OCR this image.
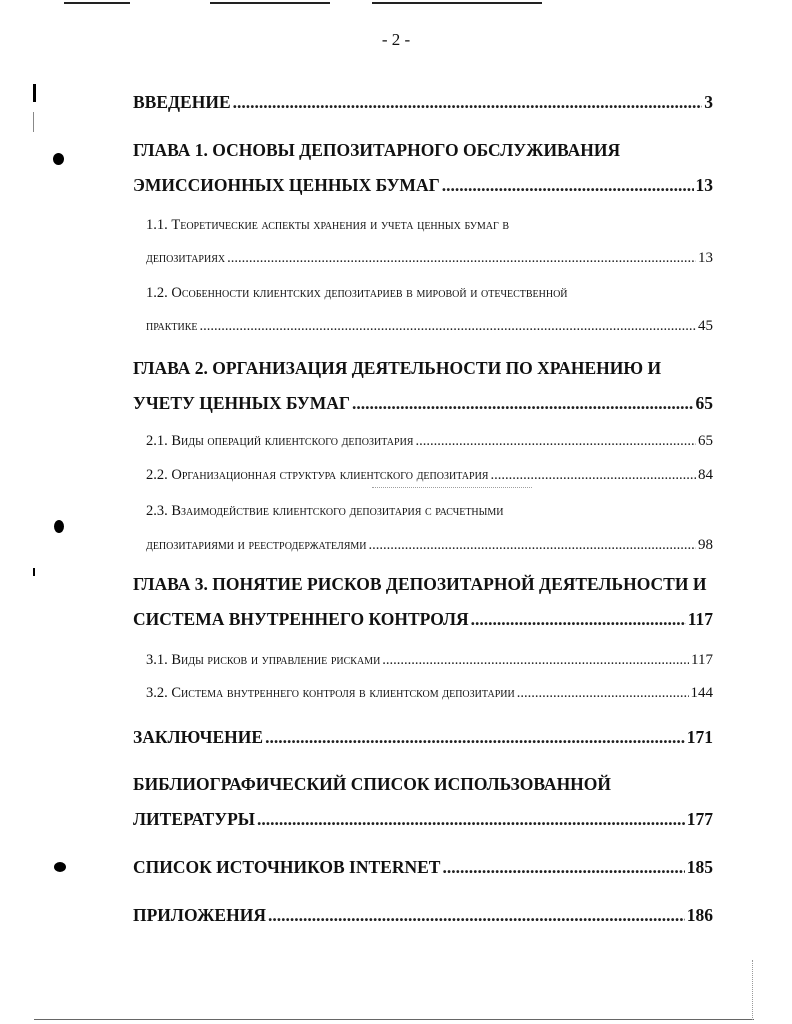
- 2 -
ВВЕДЕНИЕ .....	3
ГЛАВА 1. ОСНОВЫ ДЕПОЗИТАРНОГО ОБСЛУЖИВАНИЯ
ЭМИССИОННЫХ ЦЕННЫХ БУМАГ .....	13
1.1. Теоретические аспекты хранения и учета ценных бумаг в
депозитариях .....	13
1.2. Особенности клиентских депозитариев в мировой и отечественной
практике .....	45
ГЛАВА 2. ОРГАНИЗАЦИЯ ДЕЯТЕЛЬНОСТИ ПО ХРАНЕНИЮ И
УЧЕТУ ЦЕННЫХ БУМАГ .....	65
2.1. Виды операций клиентского депозитария .....	65
2.2. Организационная структура клиентского депозитария .....	84
2.3. Взаимодействие клиентского депозитария с расчетными
депозитариями и реестродержателями .....	98
ГЛАВА 3. ПОНЯТИЕ РИСКОВ ДЕПОЗИТАРНОЙ ДЕЯТЕЛЬНОСТИ И
СИСТЕМА ВНУТРЕННЕГО КОНТРОЛЯ .....	117
3.1. Виды рисков и управление рисками .....	117
3.2. Система внутреннего контроля в клиентском депозитарии .....	144
ЗАКЛЮЧЕНИЕ .....	171
БИБЛИОГРАФИЧЕСКИЙ СПИСОК ИСПОЛЬЗОВАННОЙ
ЛИТЕРАТУРЫ .....	177
СПИСОК ИСТОЧНИКОВ INTERNET .....	185
ПРИЛОЖЕНИЯ .....	186
